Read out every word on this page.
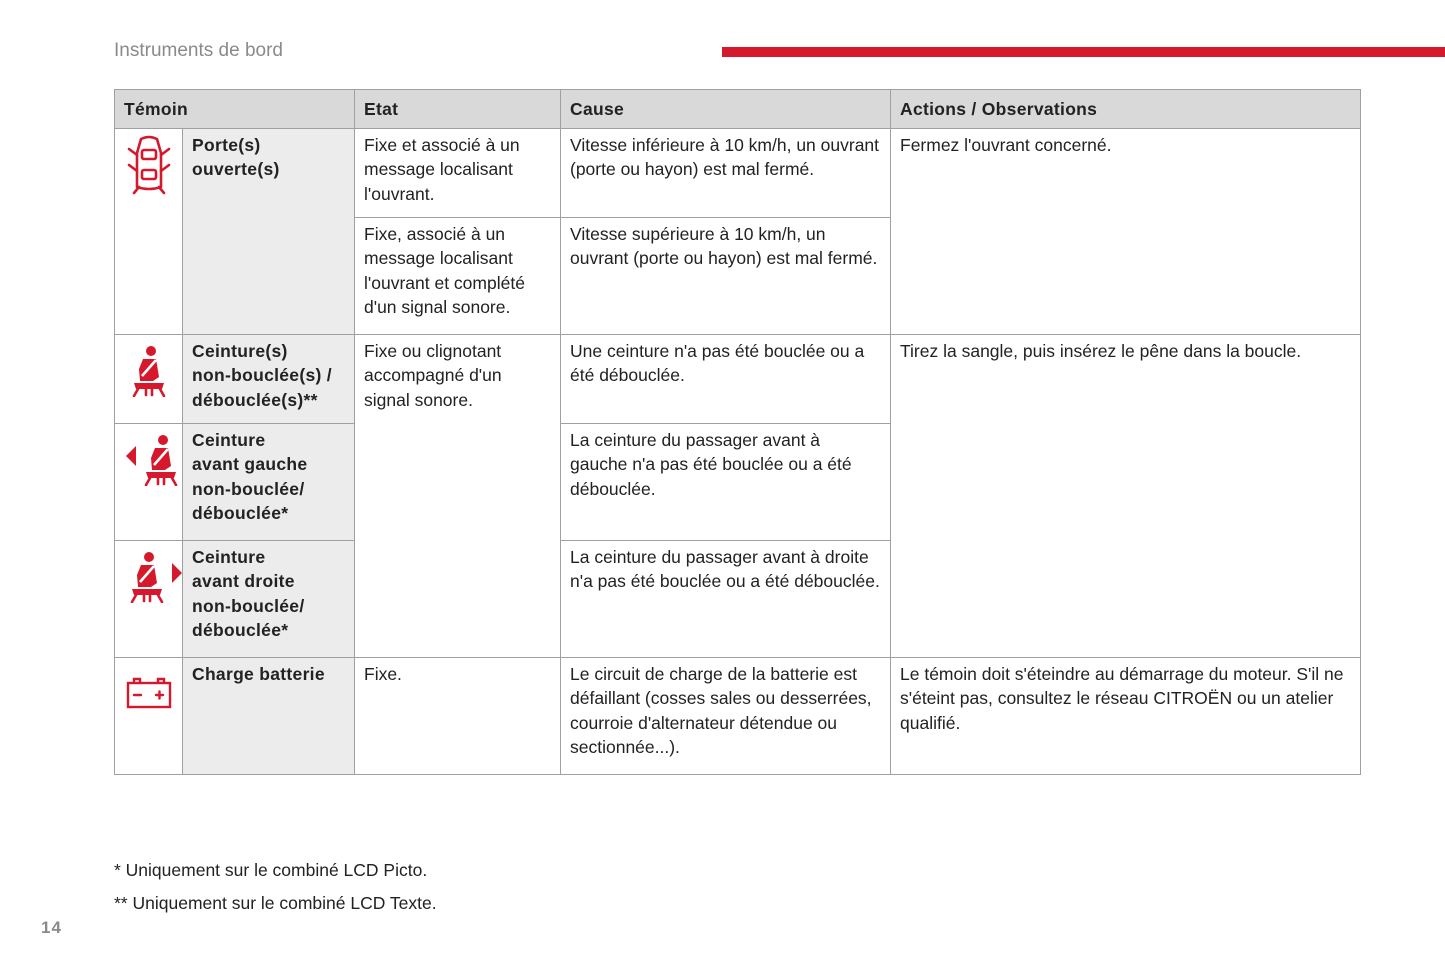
Instruments de bord
Témoin		Etat	Cause	Actions / Observations

	Porte(s)
ouverte(s)	Fixe et associé à un message localisant l'ouvrant.	Vitesse inférieure à 10 km/h, un ouvrant (porte ou hayon) est mal fermé.	Fermez l'ouvrant concerné.
		Fixe, associé à un message localisant l'ouvrant et complété d'un signal sonore.	Vitesse supérieure à 10 km/h, un ouvrant (porte ou hayon) est mal fermé.	

	Ceinture(s)
non-bouclée(s) /
débouclée(s)**	Fixe ou clignotant accompagné d'un signal sonore.	Une ceinture n'a pas été bouclée ou a été débouclée.	Tirez la sangle, puis insérez le pêne dans la boucle.

	Ceinture
avant gauche
non-bouclée/
débouclée*		La ceinture du passager avant à gauche n'a pas été bouclée ou a été débouclée.	

	Ceinture
avant droite
non-bouclée/
débouclée*		La ceinture du passager avant à droite n'a pas été bouclée ou a été débouclée.	

	Charge batterie	Fixe.	Le circuit de charge de la batterie est défaillant (cosses sales ou desserrées, courroie d'alternateur détendue ou sectionnée...).	Le témoin doit s'éteindre au démarrage du moteur. S'il ne s'éteint pas, consultez le réseau CITROËN ou un atelier qualifié.
* Uniquement sur le combiné LCD Picto.
** Uniquement sur le combiné LCD Texte.
14
